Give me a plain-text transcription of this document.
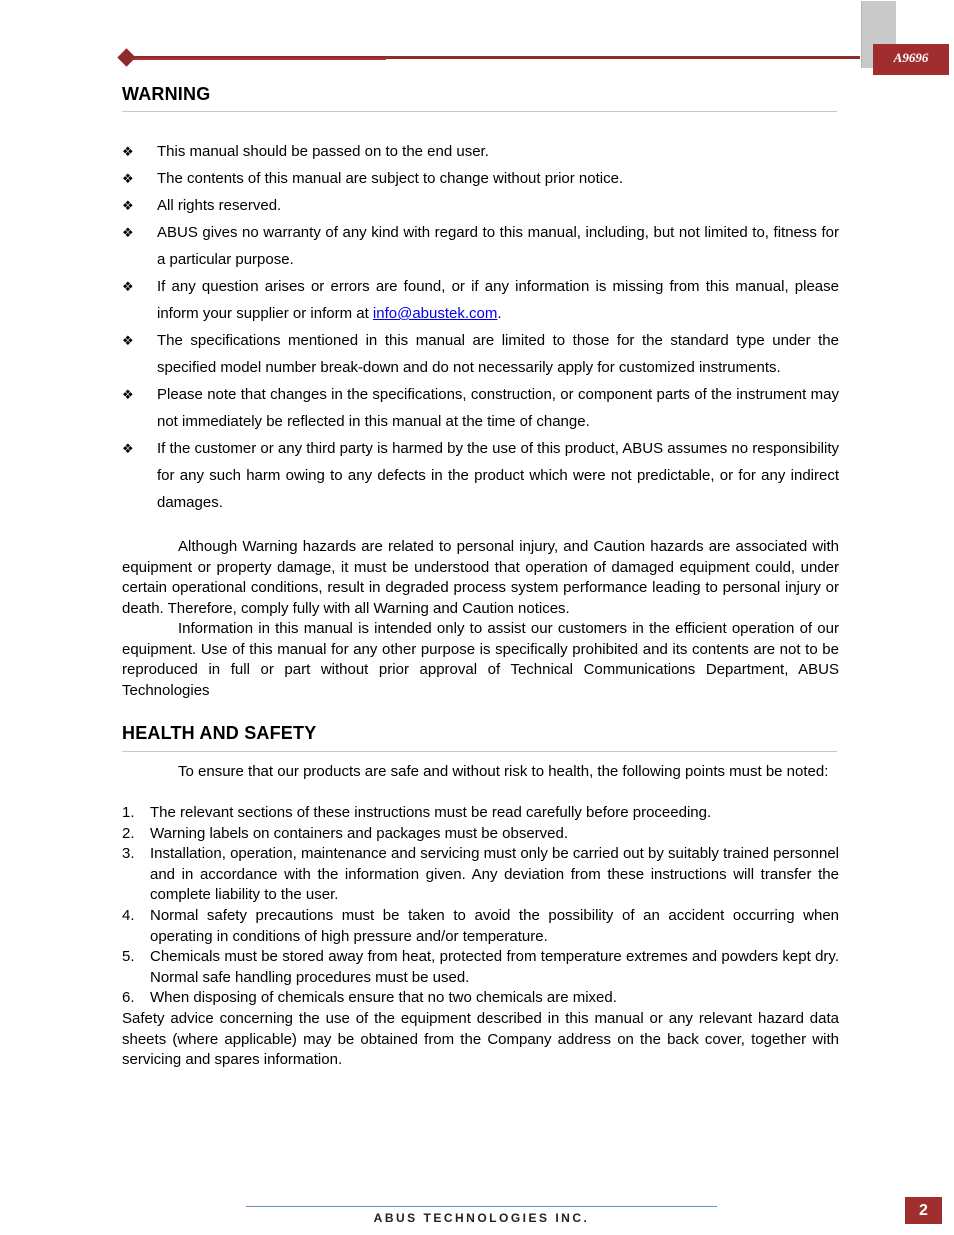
A9696
WARNING
❖ This manual should be passed on to the end user.
❖ The contents of this manual are subject to change without prior notice.
❖ All rights reserved.
❖ ABUS gives no warranty of any kind with regard to this manual, including, but not limited to, fitness for a particular purpose.
❖ If any question arises or errors are found, or if any information is missing from this manual, please inform your supplier or inform at info@abustek.com.
❖ The specifications mentioned in this manual are limited to those for the standard type under the specified model number break-down and do not necessarily apply for customized instruments.
❖ Please note that changes in the specifications, construction, or component parts of the instrument may not immediately be reflected in this manual at the time of change.
❖ If the customer or any third party is harmed by the use of this product, ABUS assumes no responsibility for any such harm owing to any defects in the product which were not predictable, or for any indirect damages.

Although Warning hazards are related to personal injury, and Caution hazards are associated with equipment or property damage, it must be understood that operation of damaged equipment could, under certain operational conditions, result in degraded process system performance leading to personal injury or death. Therefore, comply fully with all Warning and Caution notices.

Information in this manual is intended only to assist our customers in the efficient operation of our equipment. Use of this manual for any other purpose is specifically prohibited and its contents are not to be reproduced in full or part without prior approval of Technical Communications Department, ABUS Technologies

HEALTH AND SAFETY

To ensure that our products are safe and without risk to health, the following points must be noted:

1. The relevant sections of these instructions must be read carefully before proceeding.
2. Warning labels on containers and packages must be observed.
3. Installation, operation, maintenance and servicing must only be carried out by suitably trained personnel and in accordance with the information given. Any deviation from these instructions will transfer the complete liability to the user.
4. Normal safety precautions must be taken to avoid the possibility of an accident occurring when operating in conditions of high pressure and/or temperature.
5. Chemicals must be stored away from heat, protected from temperature extremes and powders kept dry. Normal safe handling procedures must be used.
6. When disposing of chemicals ensure that no two chemicals are mixed.

Safety advice concerning the use of the equipment described in this manual or any relevant hazard data sheets (where applicable) may be obtained from the Company address on the back cover, together with servicing and spares information.

ABUS TECHNOLOGIES INC.	2
